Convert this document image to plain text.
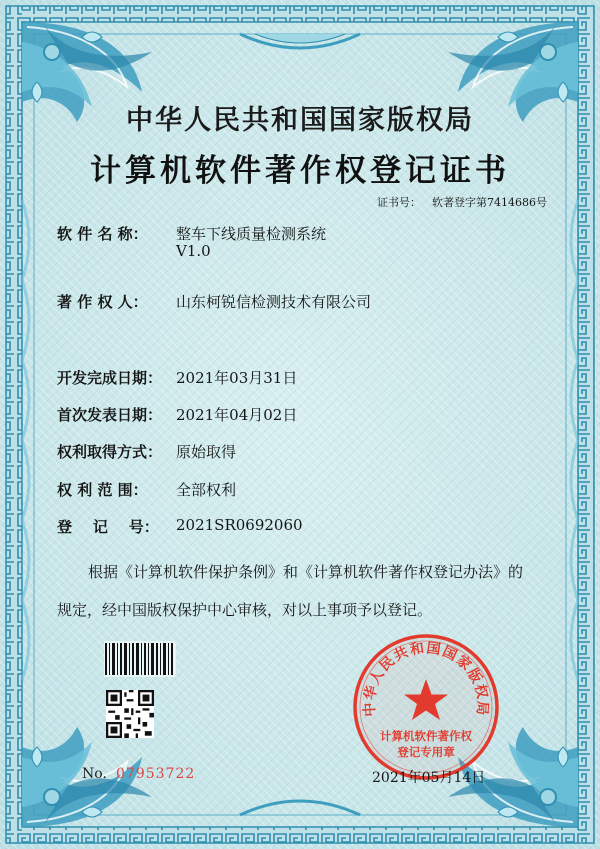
中华人民共和国国家版权局
计算机软件著作权登记证书
证书号： 软著登字第7414686号
软 件 名 称： 整车下线质量检测系统
V1.0
著 作 权 人： 山东柯锐信检测技术有限公司
开发完成日期： 2021年03月31日
首次发表日期： 2021年04月02日
权利取得方式： 原始取得
权 利 范 围： 全部权利
登    记    号： 2021SR0692060
根据《计算机软件保护条例》和《计算机软件著作权登记办法》的
规定，经中国版权保护中心审核，对以上事项予以登记。
No. 07953722
中华人民共和国国家版权局
计算机软件著作权
登记专用章
2021年05月14日
